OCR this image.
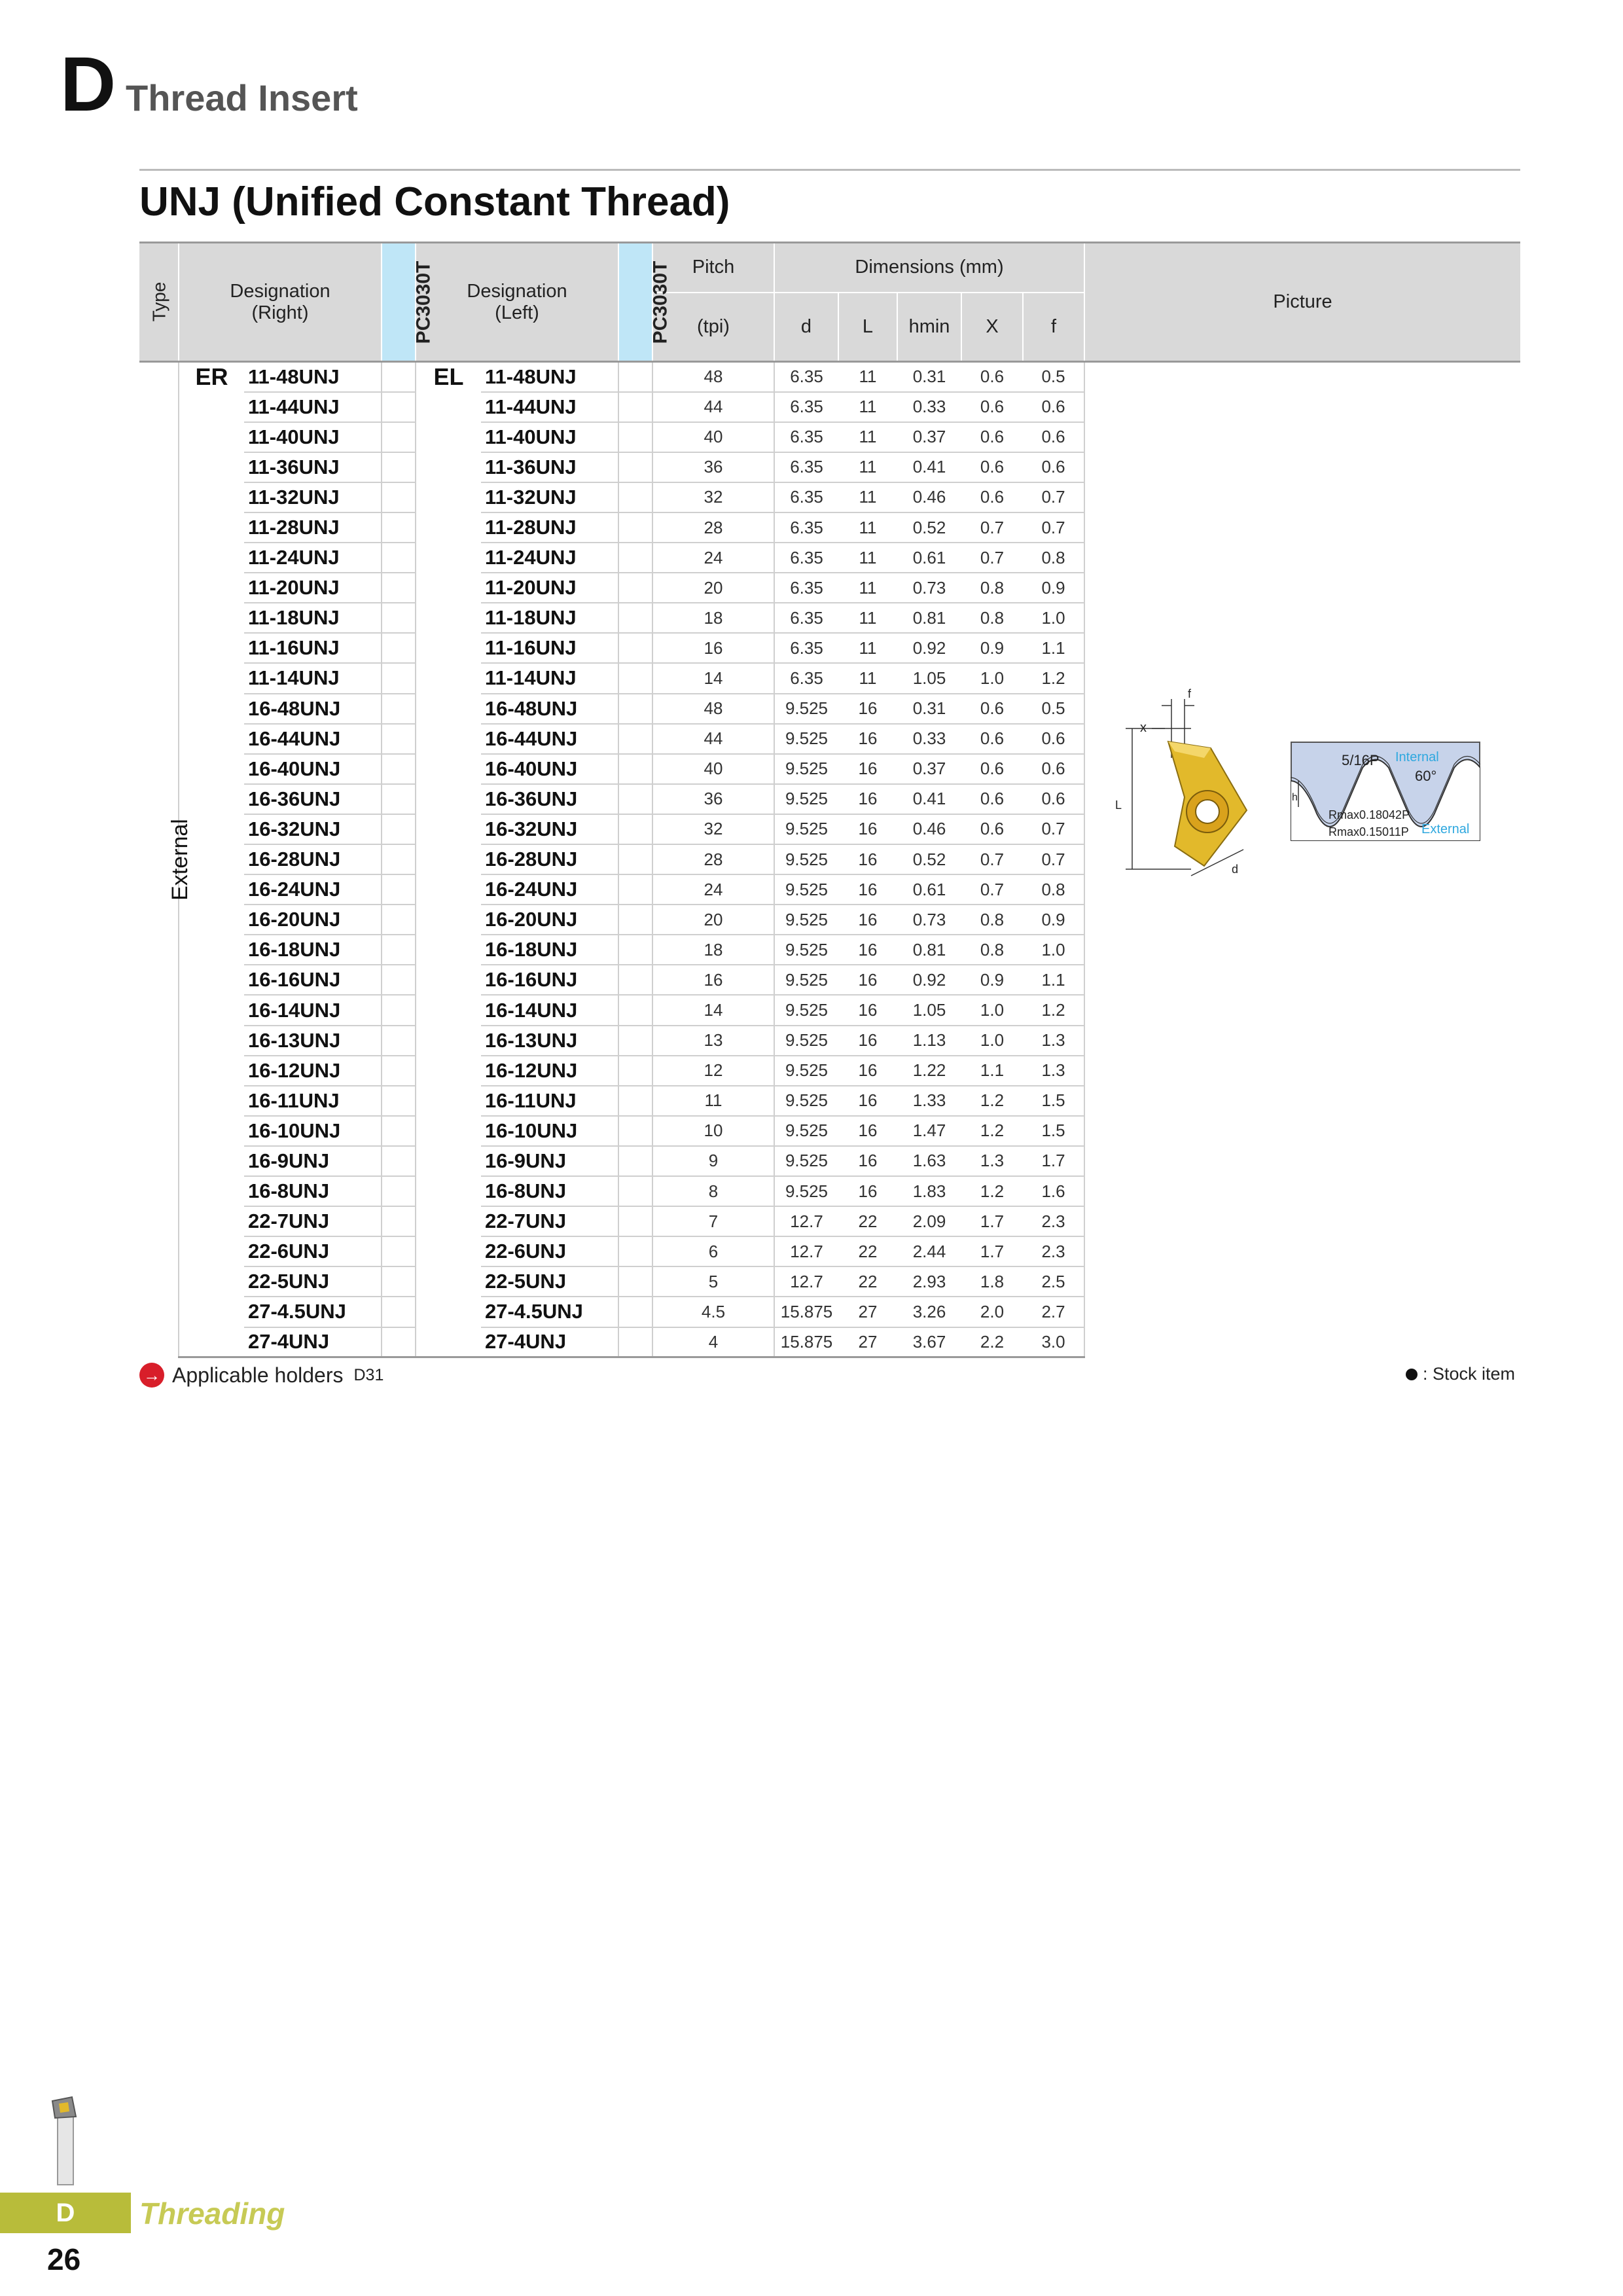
D Thread Insert
UNJ (Unified Constant Thread)
Type	Designation
(Right)		PC3030T	Designation
(Left)		PC3030T	Pitch	Dimensions (mm)					Picture
							(tpi)	d	L	hmin	X	f	
External	ER	11-48UNJ		EL	11-48UNJ		48	6.35	11	0.31	0.6	0.5	
		11-44UNJ			11-44UNJ		44	6.35	11	0.33	0.6	0.6	
		11-40UNJ			11-40UNJ		40	6.35	11	0.37	0.6	0.6	
		11-36UNJ			11-36UNJ		36	6.35	11	0.41	0.6	0.6	
		11-32UNJ			11-32UNJ		32	6.35	11	0.46	0.6	0.7	
		11-28UNJ			11-28UNJ		28	6.35	11	0.52	0.7	0.7	
		11-24UNJ			11-24UNJ		24	6.35	11	0.61	0.7	0.8	
		11-20UNJ			11-20UNJ		20	6.35	11	0.73	0.8	0.9	
		11-18UNJ			11-18UNJ		18	6.35	11	0.81	0.8	1.0	
		11-16UNJ			11-16UNJ		16	6.35	11	0.92	0.9	1.1	
		11-14UNJ			11-14UNJ		14	6.35	11	1.05	1.0	1.2	
		16-48UNJ			16-48UNJ		48	9.525	16	0.31	0.6	0.5	
		16-44UNJ			16-44UNJ		44	9.525	16	0.33	0.6	0.6	
		16-40UNJ			16-40UNJ		40	9.525	16	0.37	0.6	0.6	
		16-36UNJ			16-36UNJ		36	9.525	16	0.41	0.6	0.6	
		16-32UNJ			16-32UNJ		32	9.525	16	0.46	0.6	0.7	
		16-28UNJ			16-28UNJ		28	9.525	16	0.52	0.7	0.7	
		16-24UNJ			16-24UNJ		24	9.525	16	0.61	0.7	0.8	
		16-20UNJ			16-20UNJ		20	9.525	16	0.73	0.8	0.9	
		16-18UNJ			16-18UNJ		18	9.525	16	0.81	0.8	1.0	
		16-16UNJ			16-16UNJ		16	9.525	16	0.92	0.9	1.1	
		16-14UNJ			16-14UNJ		14	9.525	16	1.05	1.0	1.2	
		16-13UNJ			16-13UNJ		13	9.525	16	1.13	1.0	1.3	
		16-12UNJ			16-12UNJ		12	9.525	16	1.22	1.1	1.3	
		16-11UNJ			16-11UNJ		11	9.525	16	1.33	1.2	1.5	
		16-10UNJ			16-10UNJ		10	9.525	16	1.47	1.2	1.5	
		16-9UNJ			16-9UNJ		9	9.525	16	1.63	1.3	1.7	
		16-8UNJ			16-8UNJ		8	9.525	16	1.83	1.2	1.6	
		22-7UNJ			22-7UNJ		7	12.7	22	2.09	1.7	2.3	
		22-6UNJ			22-6UNJ		6	12.7	22	2.44	1.7	2.3	
		22-5UNJ			22-5UNJ		5	12.7	22	2.93	1.8	2.5	
		27-4.5UNJ			27-4.5UNJ		4.5	15.875	27	3.26	2.0	2.7	
		27-4UNJ			27-4UNJ		4	15.875	27	3.67	2.2	3.0	
f
x
L
d
5/16P Internal
60°
h
Rmax0.18042P
Rmax0.15011P External
→ Applicable holders D31	: Stock item
D	Threading
26
